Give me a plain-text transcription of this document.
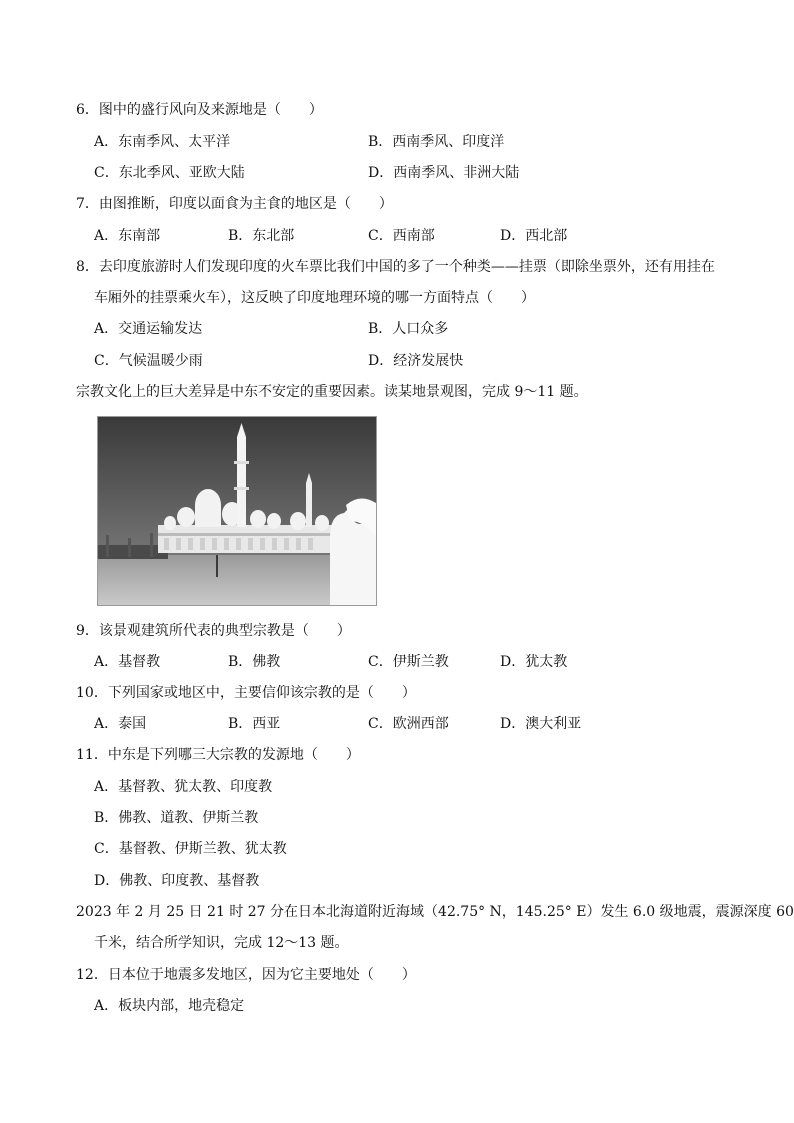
6．图中的盛行风向及来源地是（　　）
A．东南季风、太平洋	B．西南季风、印度洋
C．东北季风、亚欧大陆	D．西南季风、非洲大陆
7．由图推断，印度以面食为主食的地区是（　　）
A．东南部	B．东北部	C．西南部	D．西北部
8．去印度旅游时人们发现印度的火车票比我们中国的多了一个种类——挂票（即除坐票外，还有用挂在
车厢外的挂票乘火车），这反映了印度地理环境的哪一方面特点（　　）
A．交通运输发达	B．人口众多
C．气候温暖少雨	D．经济发展快
宗教文化上的巨大差异是中东不安定的重要因素。读某地景观图，完成 9～11 题。
9．该景观建筑所代表的典型宗教是（　　）
A．基督教	B．佛教	C．伊斯兰教	D．犹太教
10．下列国家或地区中，主要信仰该宗教的是（　　）
A．泰国	B．西亚	C．欧洲西部	D．澳大利亚
11．中东是下列哪三大宗教的发源地（　　）
A．基督教、犹太教、印度教
B．佛教、道教、伊斯兰教
C．基督教、伊斯兰教、犹太教
D．佛教、印度教、基督教
2023 年 2 月 25 日 21 时 27 分在日本北海道附近海域（42.75° N，145.25° E）发生 6.0 级地震，震源深度 60
千米，结合所学知识，完成 12～13 题。
12．日本位于地震多发地区，因为它主要地处（　　）
A．板块内部，地壳稳定
